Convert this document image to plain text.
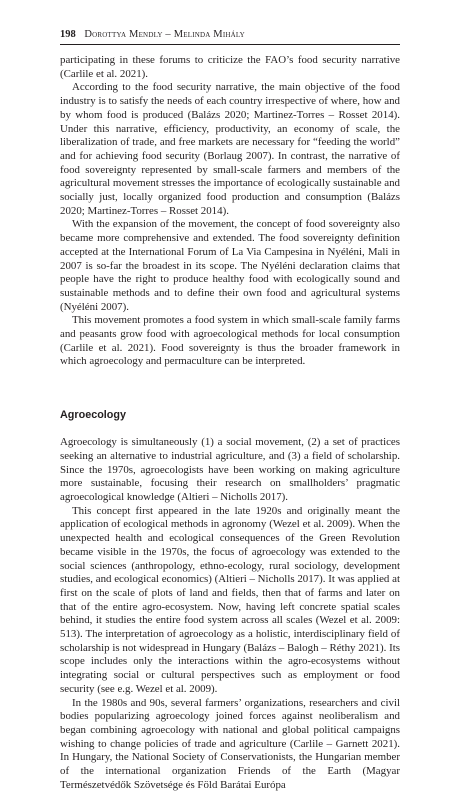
198 Dorottya Mendly – Melinda Mihály

participating in these forums to criticize the FAO’s food security narrative (Carlile et al. 2021).

According to the food security narrative, the main objective of the food industry is to satisfy the needs of each country irrespective of where, how and by whom food is produced (Balázs 2020; Martinez-Torres – Rosset 2014). Under this narrative, efficiency, productivity, an economy of scale, the liberalization of trade, and free markets are necessary for “feeding the world” and for achieving food security (Borlaug 2007). In contrast, the narrative of food sovereignty represented by small-scale farmers and members of the agricultural movement stresses the importance of ecologically sustainable and socially just, locally organized food production and consumption (Balázs 2020; Martinez-Torres – Rosset 2014).

With the expansion of the movement, the concept of food sovereignty also became more comprehensive and extended. The food sovereignty definition accepted at the International Forum of La Via Campesina in Nyéléni, Mali in 2007 is so-far the broadest in its scope. The Nyéléni declaration claims that people have the right to produce healthy food with ecologically sound and sustainable methods and to define their own food and agricultural systems (Nyéléni 2007).

This movement promotes a food system in which small-scale family farms and peasants grow food with agroecological methods for local consumption (Carlile et al. 2021). Food sovereignty is thus the broader framework in which agroecology and permaculture can be interpreted.

Agroecology

Agroecology is simultaneously (1) a social movement, (2) a set of practices seeking an alternative to industrial agriculture, and (3) a field of scholarship. Since the 1970s, agroecologists have been working on making agriculture more sustainable, focusing their research on smallholders’ pragmatic agroecological knowledge (Altieri – Nicholls 2017).

This concept first appeared in the late 1920s and originally meant the application of ecological methods in agronomy (Wezel et al. 2009). When the unexpected health and ecological consequences of the Green Revolution became visible in the 1970s, the focus of agroecology was extended to the social sciences (anthropology, ethno-ecology, rural sociology, development studies, and ecological economics) (Altieri – Nicholls 2017). It was applied at first on the scale of plots of land and fields, then that of farms and later on that of the entire agro-ecosystem. Now, having left concrete spatial scales behind, it studies the entire food system across all scales (Wezel et al. 2009: 513). The interpretation of agroecology as a holistic, interdisciplinary field of scholarship is not widespread in Hungary (Balázs – Balogh – Réthy 2021). Its scope includes only the interactions within the agro-ecosystems without integrating social or cultural perspectives such as employment or food security (see e.g. Wezel et al. 2009).

In the 1980s and 90s, several farmers’ organizations, researchers and civil bodies popularizing agroecology joined forces against neoliberalism and began combining agroecology with national and global political campaigns wishing to change policies of trade and agriculture (Carlile – Garnett 2021). In Hungary, the National Society of Conservationists, the Hungarian member of the international organization Friends of the Earth (Magyar Természetvédők Szövetsége és Föld Barátai Európa
